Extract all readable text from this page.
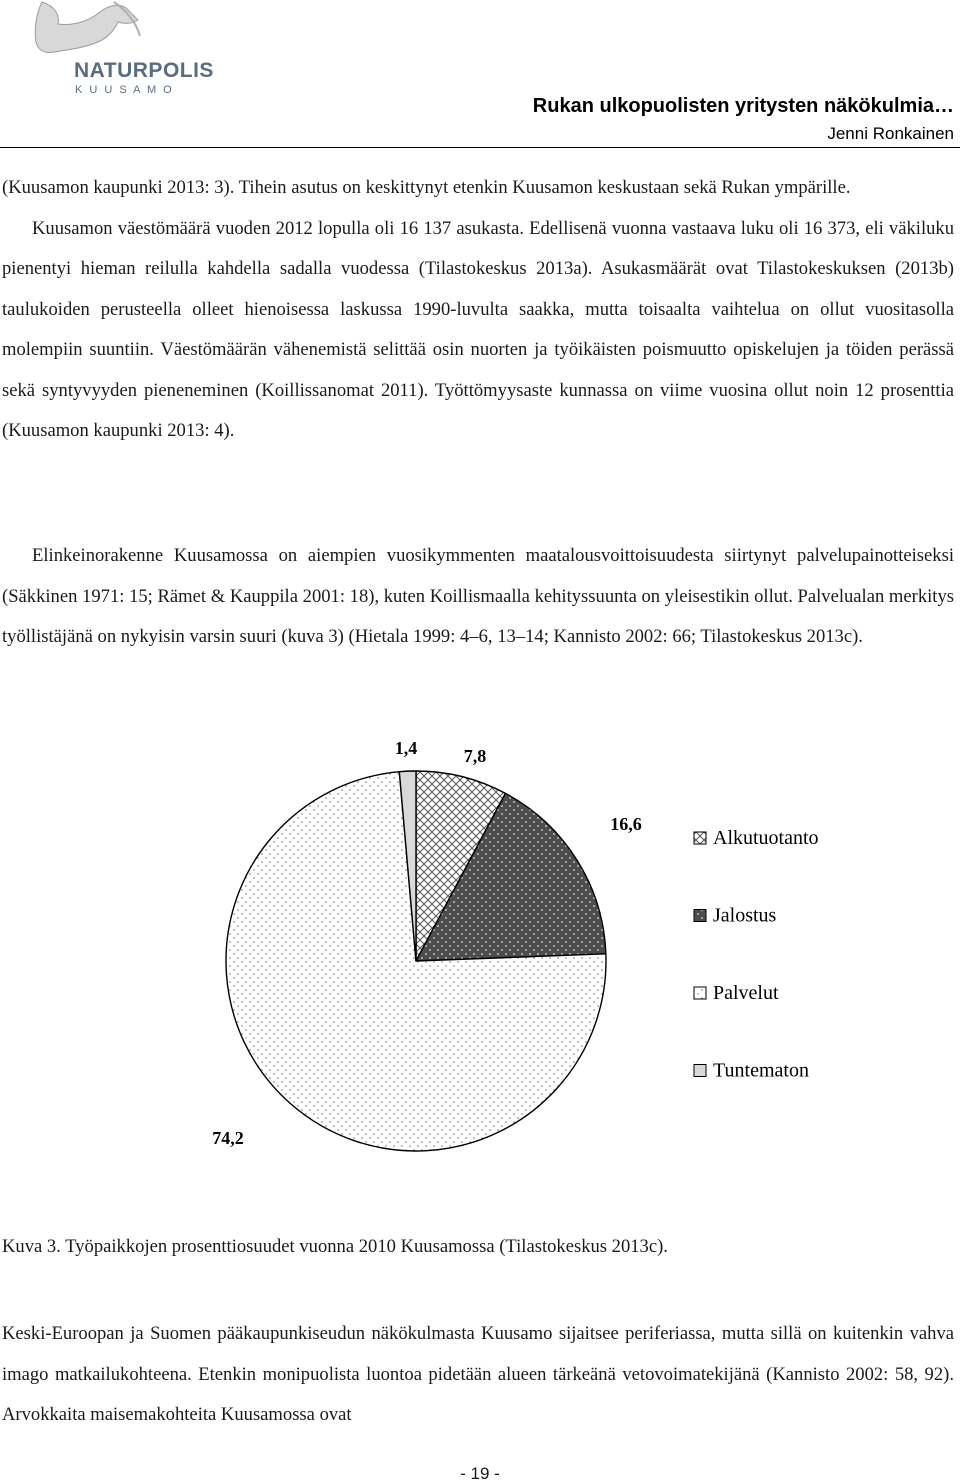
NATURPOLIS
K U U S A M O
Rukan ulkopuolisten yritysten näkökulmia…
Jenni Ronkainen

(Kuusamon kaupunki 2013: 3). Tihein asutus on keskittynyt etenkin Kuusamon keskustaan sekä Rukan ympärille.

Kuusamon väestömäärä vuoden 2012 lopulla oli 16 137 asukasta. Edellisenä vuonna vastaava luku oli 16 373, eli väkiluku pienentyi hieman reilulla kahdella sadalla vuodessa (Tilastokeskus 2013a). Asukasmäärät ovat Tilastokeskuksen (2013b) taulukoiden perusteella olleet hienoisessa laskussa 1990-luvulta saakka, mutta toisaalta vaihtelua on ollut vuositasolla molempiin suuntiin. Väestömäärän vähenemistä selittää osin nuorten ja työikäisten poismuutto opiskelujen ja töiden perässä sekä syntyvyyden pieneneminen (Koillissanomat 2011). Työttömyysaste kunnassa on viime vuosina ollut noin 12 prosenttia (Kuusamon kaupunki 2013: 4).

Elinkeinorakenne Kuusamossa on aiempien vuosikymmenten maatalousvoittoisuudesta siirtynyt palvelupainotteiseksi (Säkkinen 1971: 15; Rämet & Kauppila 2001: 18), kuten Koillismaalla kehityssuunta on yleisestikin ollut. Palvelualan merkitys työllistäjänä on nykyisin varsin suuri (kuva 3) (Hietala 1999: 4–6, 13–14; Kannisto 2002: 66; Tilastokeskus 2013c).

7,8
16,6
74,2
1,4
Alkutuotanto
Jalostus
Palvelut
Tuntematon
Kuva 3. Työpaikkojen prosenttiosuudet vuonna 2010 Kuusamossa (Tilastokeskus 2013c).

Keski-Euroopan ja Suomen pääkaupunkiseudun näkökulmasta Kuusamo sijaitsee periferiassa, mutta sillä on kuitenkin vahva imago matkailukohteena. Etenkin monipuolista luontoa pidetään alueen tärkeänä vetovoimatekijänä (Kannisto 2002: 58, 92). Arvokkaita maisemakohteita Kuusamossa ovat

- 19 -
